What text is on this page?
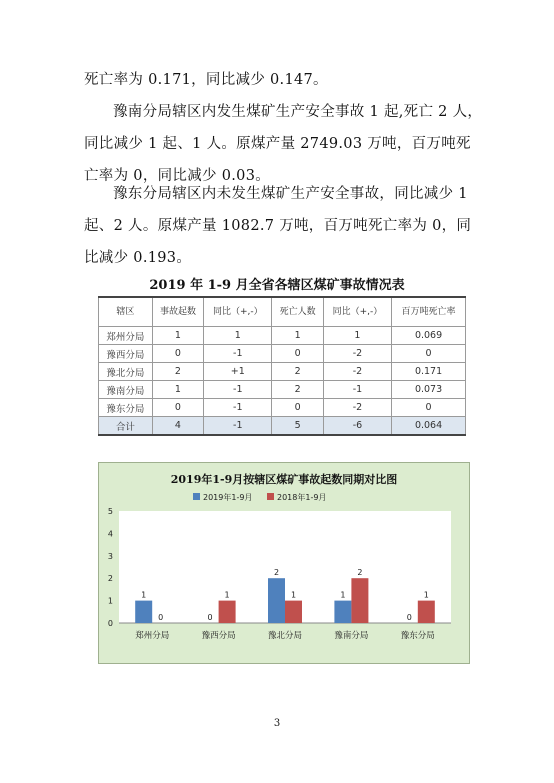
死亡率为 0.171，同比减少 0.147。
豫南分局辖区内发生煤矿生产安全事故 1 起,死亡 2 人，同比减少 1 起、1 人。原煤产量 2749.03 万吨，百万吨死亡率为 0，同比减少 0.03。
豫东分局辖区内未发生煤矿生产安全事故，同比减少 1 起、2 人。原煤产量 1082.7 万吨，百万吨死亡率为 0，同比减少 0.193。
2019 年 1-9 月全省各辖区煤矿事故情况表
辖区	事故起数	同比（+,-）	死亡人数	同比（+,-）	百万吨死亡率
郑州分局	1	1	1	1	0.069
豫西分局	0	-1	0	-2	0
豫北分局	2	+1	2	-2	0.171
豫南分局	1	-1	2	-1	0.073
豫东分局	0	-1	0	-2	0
合计	4	-1	5	-6	0.064
2019年1-9月按辖区煤矿事故起数同期对比图
2019年1-9月	2018年1-9月
0
1
2
3
4
5
1
0
郑州分局
0
1
豫西分局
2
1
豫北分局
1
2
豫南分局
0
1
豫东分局
3
